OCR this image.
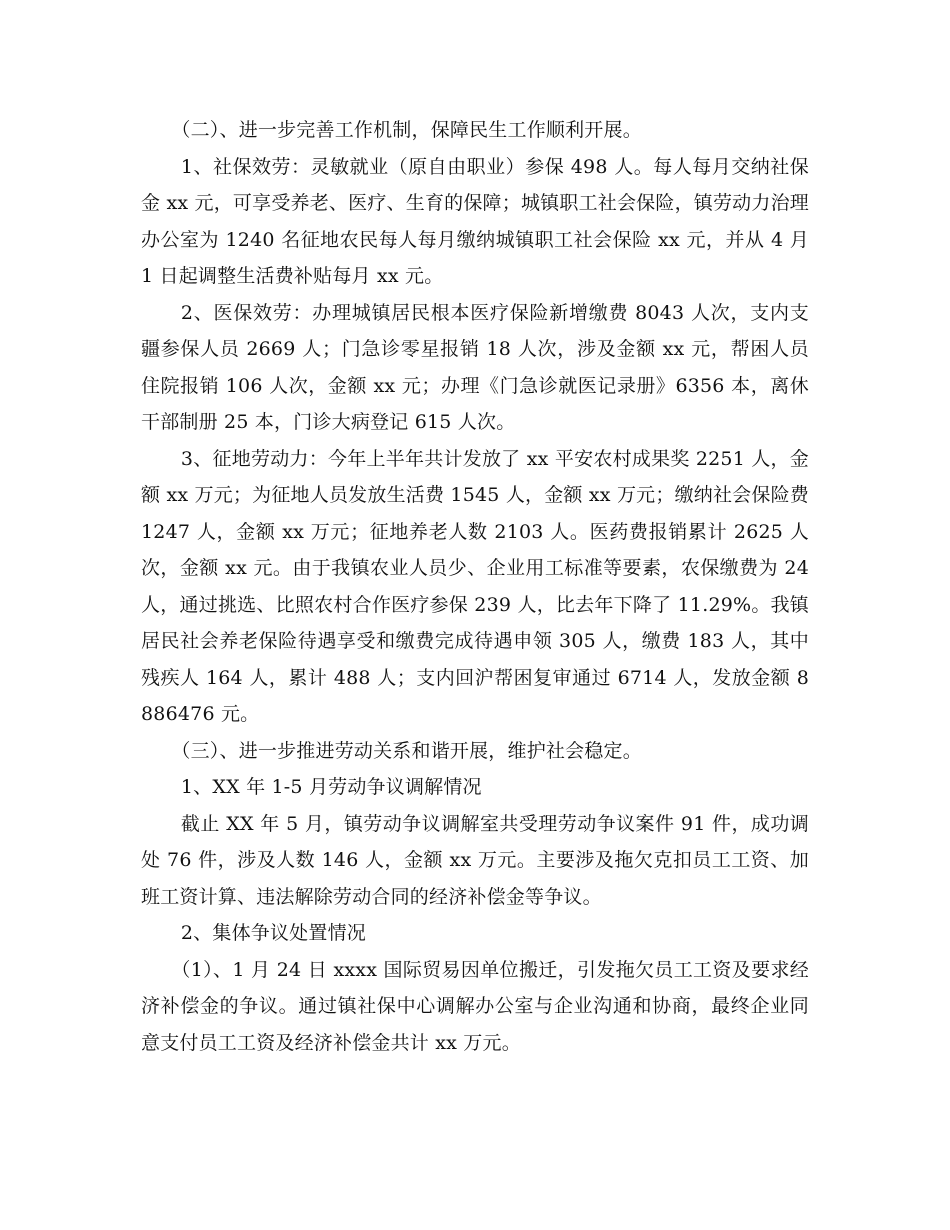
（二）、进一步完善工作机制，保障民生工作顺利开展。

1、社保效劳：灵敏就业（原自由职业）参保 498 人。每人每月交纳社保金 xx 元，可享受养老、医疗、生育的保障；城镇职工社会保险，镇劳动力治理办公室为 1240 名征地农民每人每月缴纳城镇职工社会保险 xx 元，并从 4 月 1 日起调整生活费补贴每月 xx 元。

2、医保效劳：办理城镇居民根本医疗保险新增缴费 8043 人次，支内支疆参保人员 2669 人；门急诊零星报销 18 人次，涉及金额 xx 元，帮困人员住院报销 106 人次，金额 xx 元；办理《门急诊就医记录册》6356 本，离休干部制册 25 本，门诊大病登记 615 人次。

3、征地劳动力：今年上半年共计发放了 xx 平安农村成果奖 2251 人，金额 xx 万元；为征地人员发放生活费 1545 人，金额 xx 万元；缴纳社会保险费 1247 人，金额 xx 万元；征地养老人数 2103 人。医药费报销累计 2625 人次，金额 xx 元。由于我镇农业人员少、企业用工标准等要素，农保缴费为 24 人，通过挑选、比照农村合作医疗参保 239 人，比去年下降了 11.29%。我镇居民社会养老保险待遇享受和缴费完成待遇申领 305 人，缴费 183 人，其中残疾人 164 人，累计 488 人；支内回沪帮困复审通过 6714 人，发放金额 8886476 元。

（三）、进一步推进劳动关系和谐开展，维护社会稳定。

1、XX 年 1-5 月劳动争议调解情况

截止 XX 年 5 月，镇劳动争议调解室共受理劳动争议案件 91 件，成功调处 76 件，涉及人数 146 人，金额 xx 万元。主要涉及拖欠克扣员工工资、加班工资计算、违法解除劳动合同的经济补偿金等争议。

2、集体争议处置情况

（1）、1 月 24 日 xxxx 国际贸易因单位搬迁，引发拖欠员工工资及要求经济补偿金的争议。通过镇社保中心调解办公室与企业沟通和协商，最终企业同意支付员工工资及经济补偿金共计 xx 万元。
